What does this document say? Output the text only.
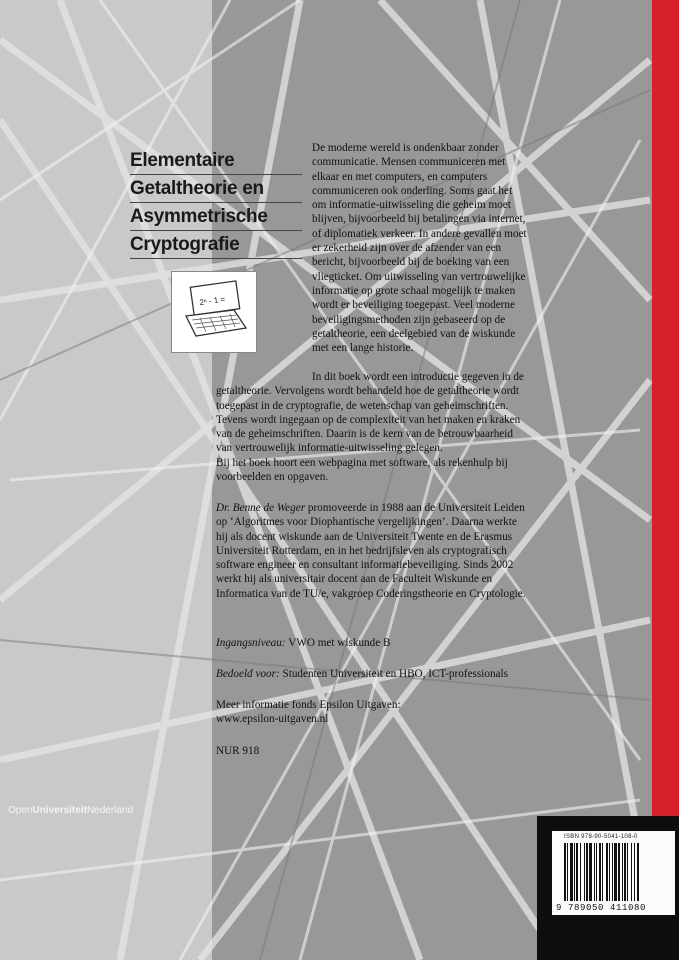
Elementaire
Getaltheorie en
Asymmetrische
Cryptografie
2ⁿ - 1 =
De moderne wereld is ondenkbaar zonder
communicatie. Mensen communiceren met
elkaar en met computers, en computers
communiceren ook onderling. Soms gaat het
om informatie-uitwisseling die geheim moet
blijven, bijvoorbeeld bij betalingen via internet,
of diplomatiek verkeer. In andere gevallen moet
er zekerheid zijn over de afzender van een
bericht, bijvoorbeeld bij de boeking van een
vliegticket. Om uitwisseling van vertrouwelijke
informatie op grote schaal mogelijk te maken
wordt er beveiliging toegepast. Veel moderne
beveiligingsmethoden zijn gebaseerd op de
getaltheorie, een deelgebied van de wiskunde
met een lange historie.
In dit boek wordt een introductie gegeven in de
getaltheorie. Vervolgens wordt behandeld hoe de getaltheorie wordt
toegepast in de cryptografie, de wetenschap van geheimschriften.
Tevens wordt ingegaan op de complexiteit van het maken en kraken
van de geheimschriften. Daarin is de kern van de betrouwbaarheid
van vertrouwelijk informatie-uitwisseling gelegen.
Bij het boek hoort een webpagina met software, als rekenhulp bij
voorbeelden en opgaven.
Dr. Benne de Weger promoveerde in 1988 aan de Universiteit Leiden
op ‘Algoritmes voor Diophantische vergelijkingen’. Daarna werkte
hij als docent wiskunde aan de Universiteit Twente en de Erasmus
Universiteit Rotterdam, en in het bedrijfsleven als cryptografisch
software engineer en consultant informatiebeveiliging. Sinds 2002
werkt hij als universitair docent aan de Faculteit Wiskunde en
Informatica van de TU/e, vakgroep Coderingstheorie en Cryptologie.
Ingangsniveau: VWO met wiskunde B
Bedoeld voor: Studenten Universiteit en HBO, ICT-professionals
Meer informatie fonds Epsilon Uitgaven:
www.epsilon-uitgaven.nl
NUR 918
OpenUniversiteitNederland
ISBN 978-90-5041-108-0
9 789050 411080
